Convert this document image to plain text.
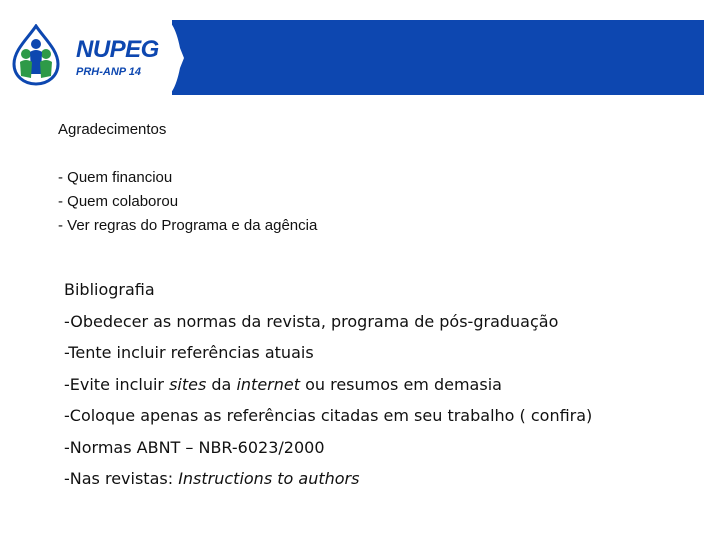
NUPEG
PRH-ANP 14
Agradecimentos
- Quem financiou
- Quem colaborou
- Ver regras do Programa e da agência
Bibliografia
-Obedecer as normas da revista, programa de pós-graduação
-Tente incluir referências atuais
-Evite incluir sites da internet ou resumos em demasia
-Coloque apenas as referências citadas em seu trabalho ( confira)
-Normas ABNT – NBR-6023/2000
-Nas revistas: Instructions to authors
